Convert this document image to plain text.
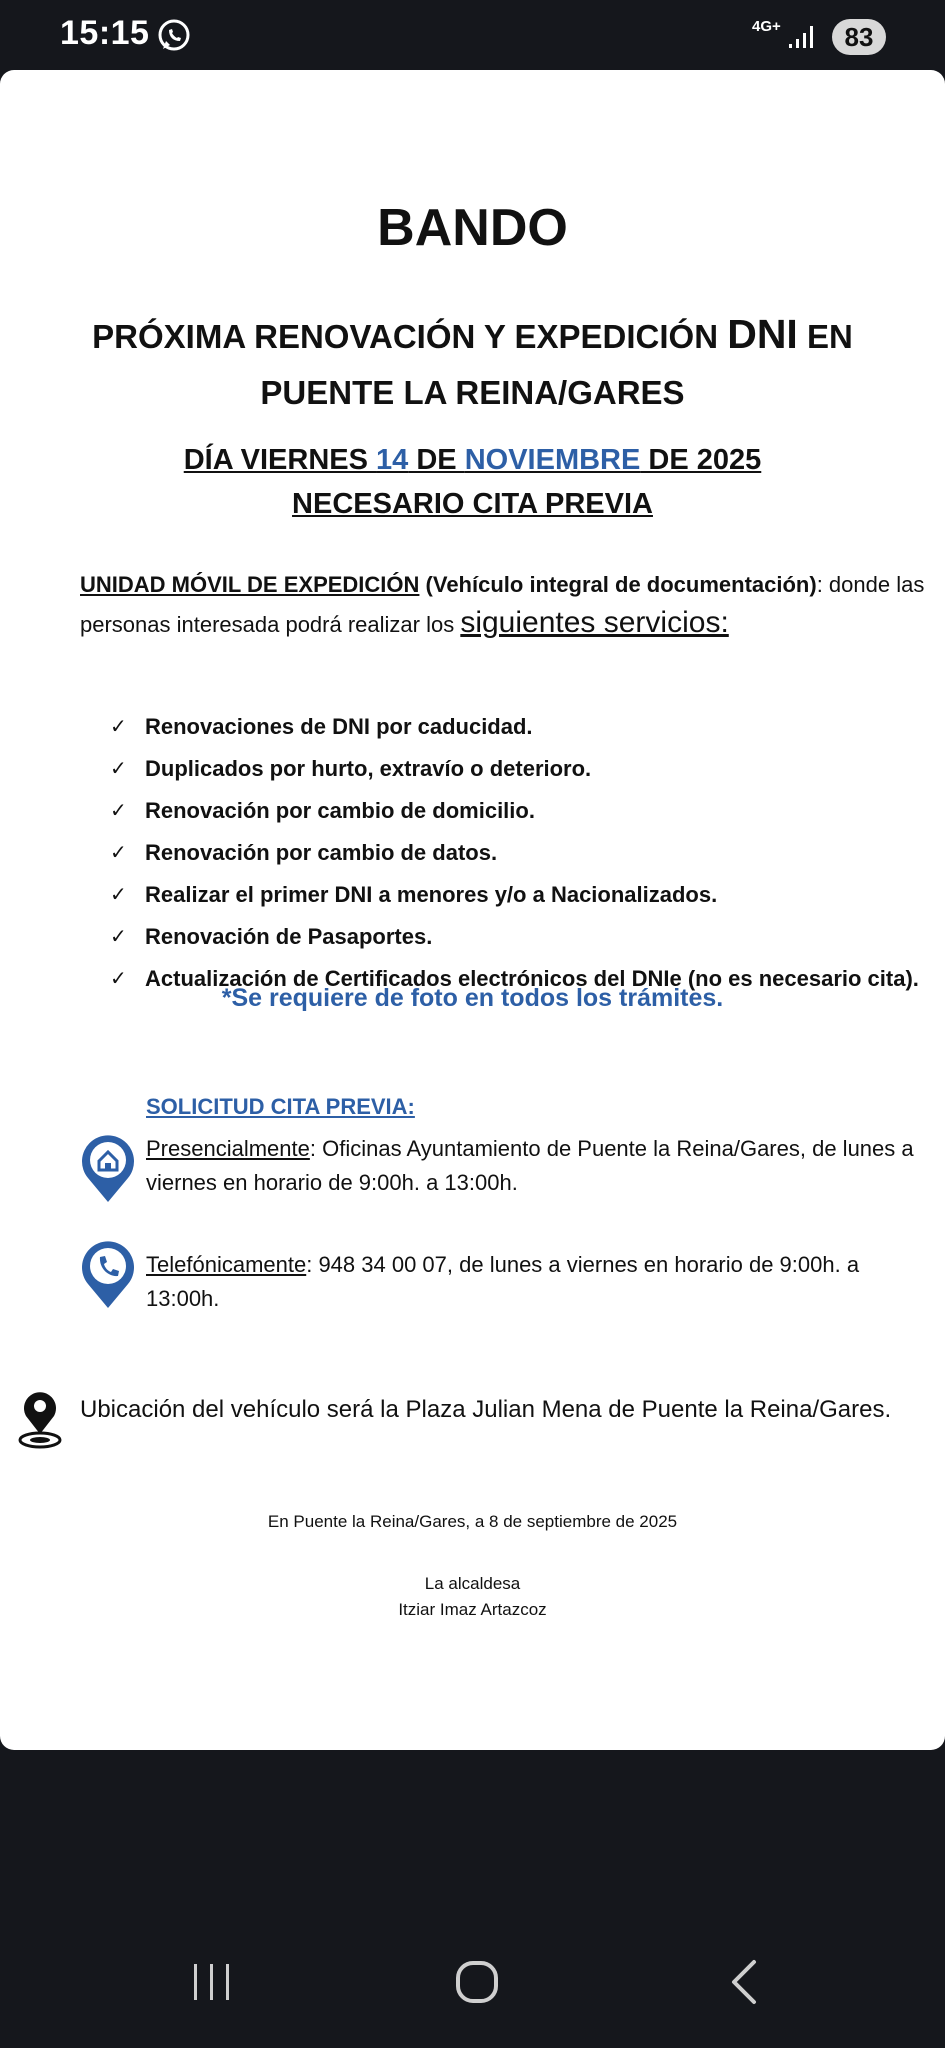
15:15	4G+	83
BANDO
PRÓXIMA RENOVACIÓN Y EXPEDICIÓN DNI EN PUENTE LA REINA/GARES
DÍA VIERNES 14 DE NOVIEMBRE DE 2025
NECESARIO CITA PREVIA
UNIDAD MÓVIL DE EXPEDICIÓN (Vehículo integral de documentación): donde las personas interesada podrá realizar los siguientes servicios:
✓ Renovaciones de DNI por caducidad.
✓ Duplicados por hurto, extravío o deterioro.
✓ Renovación por cambio de domicilio.
✓ Renovación por cambio de datos.
✓ Realizar el primer DNI a menores y/o a Nacionalizados.
✓ Renovación de Pasaportes.
✓ Actualización de Certificados electrónicos del DNIe (no es necesario cita).
*Se requiere de foto en todos los trámites.
SOLICITUD CITA PREVIA:
Presencialmente: Oficinas Ayuntamiento de Puente la Reina/Gares, de lunes a viernes en horario de 9:00h. a 13:00h.
Telefónicamente: 948 34 00 07, de lunes a viernes en horario de 9:00h. a 13:00h.
Ubicación del vehículo será la Plaza Julian Mena de Puente la Reina/Gares.
En Puente la Reina/Gares, a 8 de septiembre de 2025
La alcaldesa
Itziar Imaz Artazcoz
